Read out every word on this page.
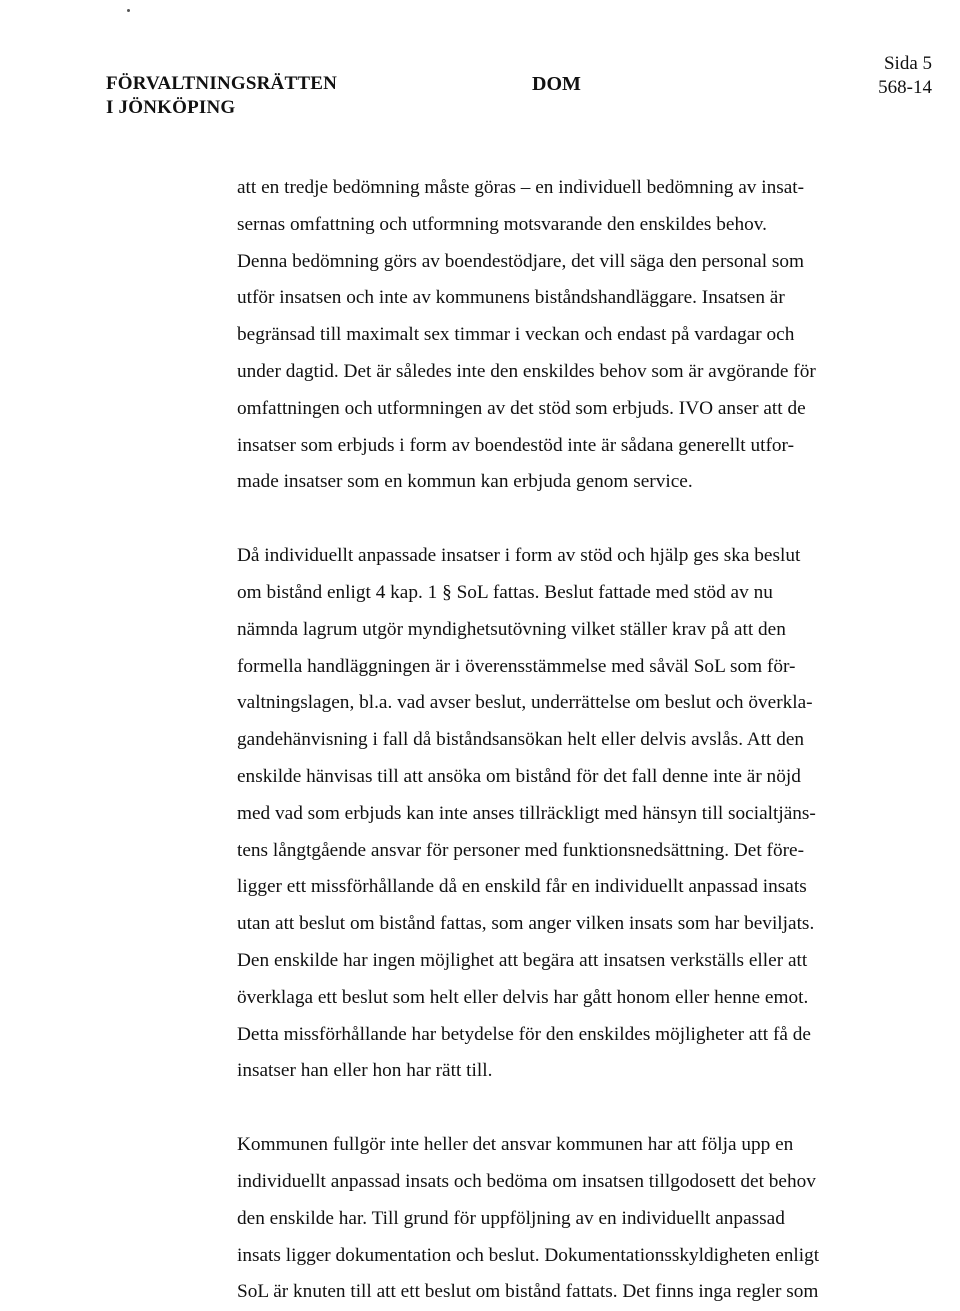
FÖRVALTNINGSRÄTTEN
I JÖNKÖPING
DOM
Sida 5
568-14

att en tredje bedömning måste göras – en individuell bedömning av insat-
sernas omfattning och utformning motsvarande den enskildes behov.
Denna bedömning görs av boendestödjare, det vill säga den personal som
utför insatsen och inte av kommunens biståndshandläggare. Insatsen är
begränsad till maximalt sex timmar i veckan och endast på vardagar och
under dagtid. Det är således inte den enskildes behov som är avgörande för
omfattningen och utformningen av det stöd som erbjuds. IVO anser att de
insatser som erbjuds i form av boendestöd inte är sådana generellt utfor-
made insatser som en kommun kan erbjuda genom service.

Då individuellt anpassade insatser i form av stöd och hjälp ges ska beslut
om bistånd enligt 4 kap. 1 § SoL fattas. Beslut fattade med stöd av nu
nämnda lagrum utgör myndighetsutövning vilket ställer krav på att den
formella handläggningen är i överensstämmelse med såväl SoL som för-
valtningslagen, bl.a. vad avser beslut, underrättelse om beslut och överkla-
gandehänvisning i fall då biståndsansökan helt eller delvis avslås. Att den
enskilde hänvisas till att ansöka om bistånd för det fall denne inte är nöjd
med vad som erbjuds kan inte anses tillräckligt med hänsyn till socialtjäns-
tens långtgående ansvar för personer med funktionsnedsättning. Det före-
ligger ett missförhållande då en enskild får en individuellt anpassad insats
utan att beslut om bistånd fattas, som anger vilken insats som har beviljats.
Den enskilde har ingen möjlighet att begära att insatsen verkställs eller att
överklaga ett beslut som helt eller delvis har gått honom eller henne emot.
Detta missförhållande har betydelse för den enskildes möjligheter att få de
insatser han eller hon har rätt till.

Kommunen fullgör inte heller det ansvar kommunen har att följa upp en
individuellt anpassad insats och bedöma om insatsen tillgodosett det behov
den enskilde har. Till grund för uppföljning av en individuellt anpassad
insats ligger dokumentation och beslut. Dokumentationsskyldigheten enligt
SoL är knuten till att ett beslut om bistånd fattats. Det finns inga regler som
